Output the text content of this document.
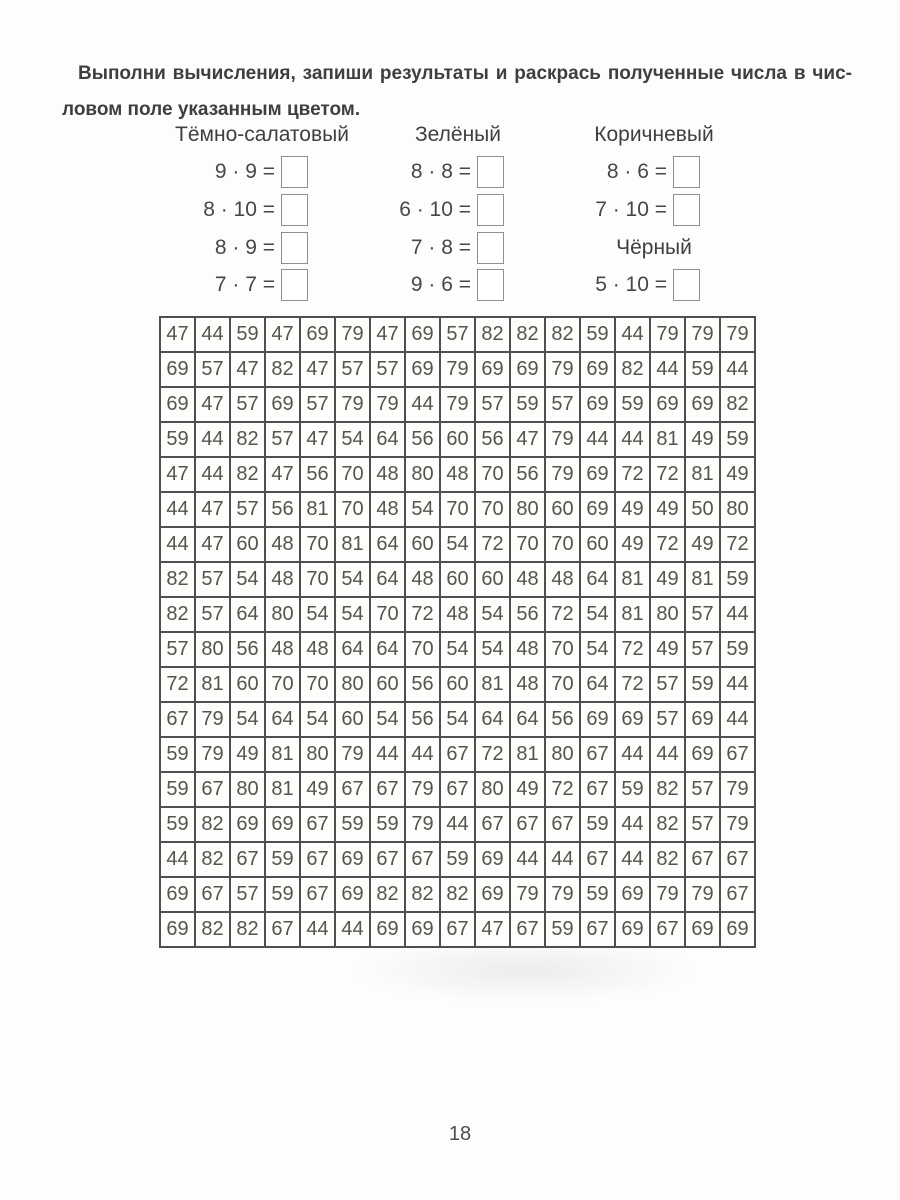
Выполни вычисления, запиши результаты и раскрась полученные числа в чис-
ловом поле указанным цветом.
Тёмно-салатовый
9 · 9 =
8 · 10 =
8 · 9 =
7 · 7 =
Зелёный
8 · 8 =
6 · 10 =
7 · 8 =
9 · 6 =
Коричневый
8 · 6 =
7 · 10 =
Чёрный
5 · 10 =
47 44 59 47 69 79 47 69 57 82 82 82 59 44 79 79 79
69 57 47 82 47 57 57 69 79 69 69 79 69 82 44 59 44
69 47 57 69 57 79 79 44 79 57 59 57 69 59 69 69 82
59 44 82 57 47 54 64 56 60 56 47 79 44 44 81 49 59
47 44 82 47 56 70 48 80 48 70 56 79 69 72 72 81 49
44 47 57 56 81 70 48 54 70 70 80 60 69 49 49 50 80
44 47 60 48 70 81 64 60 54 72 70 70 60 49 72 49 72
82 57 54 48 70 54 64 48 60 60 48 48 64 81 49 81 59
82 57 64 80 54 54 70 72 48 54 56 72 54 81 80 57 44
57 80 56 48 48 64 64 70 54 54 48 70 54 72 49 57 59
72 81 60 70 70 80 60 56 60 81 48 70 64 72 57 59 44
67 79 54 64 54 60 54 56 54 64 64 56 69 69 57 69 44
59 79 49 81 80 79 44 44 67 72 81 80 67 44 44 69 67
59 67 80 81 49 67 67 79 67 80 49 72 67 59 82 57 79
59 82 69 69 67 59 59 79 44 67 67 67 59 44 82 57 79
44 82 67 59 67 69 67 67 59 69 44 44 67 44 82 67 67
69 67 57 59 67 69 82 82 82 69 79 79 59 69 79 79 67
69 82 82 67 44 44 69 69 67 47 67 59 67 69 67 69 69
18
